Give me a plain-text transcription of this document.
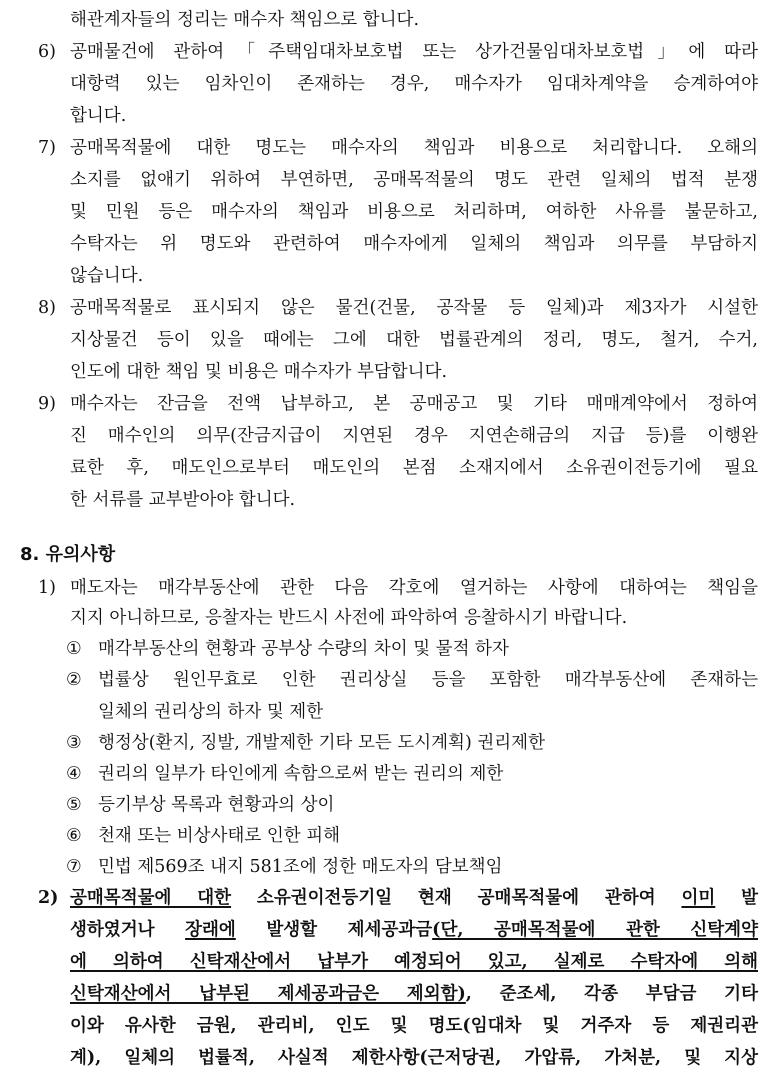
해관계자들의 정리는 매수자 책임으로 합니다.
6) 공매물건에 관하여「주택임대차보호법 또는 상가건물임대차보호법」에 따라
대항력 있는 임차인이 존재하는 경우, 매수자가 임대차계약을 승계하여야
합니다.
7) 공매목적물에 대한 명도는 매수자의 책임과 비용으로 처리합니다. 오해의
소지를 없애기 위하여 부연하면, 공매목적물의 명도 관련 일체의 법적 분쟁
및 민원 등은 매수자의 책임과 비용으로 처리하며, 여하한 사유를 불문하고,
수탁자는 위 명도와 관련하여 매수자에게 일체의 책임과 의무를 부담하지
않습니다.
8) 공매목적물로 표시되지 않은 물건(건물, 공작물 등 일체)과 제3자가 시설한
지상물건 등이 있을 때에는 그에 대한 법률관계의 정리, 명도, 철거, 수거,
인도에 대한 책임 및 비용은 매수자가 부담합니다.
9) 매수자는 잔금을 전액 납부하고, 본 공매공고 및 기타 매매계약에서 정하여
진 매수인의 의무(잔금지급이 지연된 경우 지연손해금의 지급 등)를 이행완
료한 후, 매도인으로부터 매도인의 본점 소재지에서 소유권이전등기에 필요
한 서류를 교부받아야 합니다.
8. 유의사항
1) 매도자는 매각부동산에 관한 다음 각호에 열거하는 사항에 대하여는 책임을
지지 아니하므로, 응찰자는 반드시 사전에 파악하여 응찰하시기 바랍니다.
① 매각부동산의 현황과 공부상 수량의 차이 및 물적 하자
② 법률상 원인무효로 인한 권리상실 등을 포함한 매각부동산에 존재하는
일체의 권리상의 하자 및 제한
③ 행정상(환지, 징발, 개발제한 기타 모든 도시계획) 권리제한
④ 권리의 일부가 타인에게 속함으로써 받는 권리의 제한
⑤ 등기부상 목록과 현황과의 상이
⑥ 천재 또는 비상사태로 인한 피해
⑦ 민법 제569조 내지 581조에 정한 매도자의 담보책임
2) 공매목적물에 대한 소유권이전등기일 현재 공매목적물에 관하여 이미 발
생하였거나 장래에 발생할 제세공과금(단, 공매목적물에 관한 신탁계약
에 의하여 신탁재산에서 납부가 예정되어 있고, 실제로 수탁자에 의해
신탁재산에서 납부된 제세공과금은 제외함), 준조세, 각종 부담금 기타
이와 유사한 금원, 관리비, 인도 및 명도(임대차 및 거주자 등 제권리관
계), 일체의 법률적, 사실적 제한사항(근저당권, 가압류, 가처분, 및 지상
